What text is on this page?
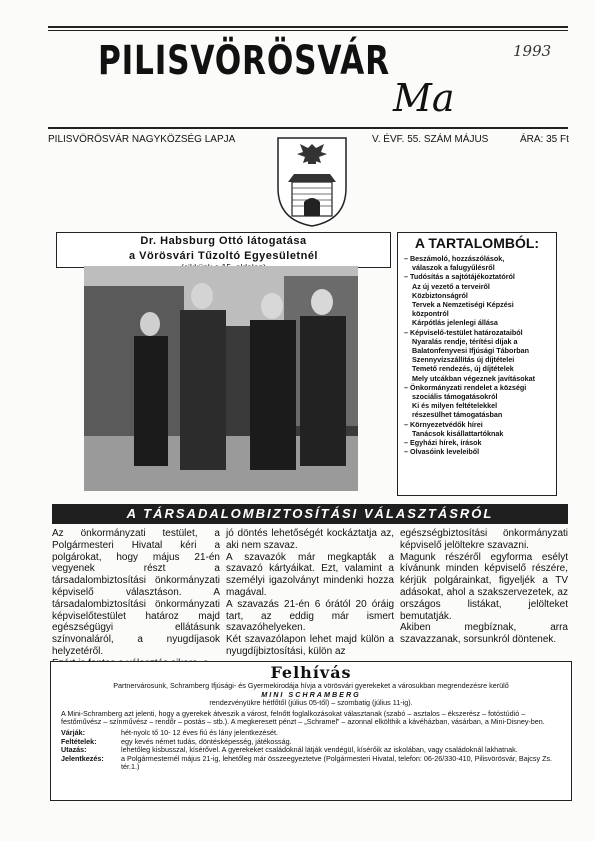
PILISVÖRÖSVÁR
Ma
1993
PILISVÖRÖSVÁR NAGYKÖZSÉG LAPJA	V. ÉVF. 55. SZÁM MÁJUS	ÁRA: 35 Ft
Dr. Habsburg Ottó látogatása
a Vörösvári Tűzoltó Egyesületnél
A TARTALOMBÓL:
– Beszámoló, hozzászólások,
válaszok a falugyűlésről
– Tudósítás a sajtótájékoztatóról
Az új vezető a terveiről
Közbiztonságról
Tervek a Nemzetiségi Képzési
központról
Kárpótlás jelenlegi állása
– Képviselő-testület határozataiból
Nyaralás rendje, térítési díjak a
Balatonfenyvesi Ifjúsági Táborban
Szennyvízszállítás új díjtételei
Temető rendezés, új díjtételek
Mely utcákban végeznek javításokat
– Önkormányzati rendelet a községi
szociális támogatásokról
Ki és milyen feltételekkel
részesülhet támogatásban
– Környezetvédők hírei
Tanácsok kisállattartóknak
– Egyházi hírek, írások
– Olvasóink leveleiből
A TÁRSADALOMBIZTOSÍTÁSI VÁLASZTÁSRÓL
Az önkormányzati testület, a Polgármesteri Hivatal kéri a polgárokat, hogy május 21-én vegyenek részt a társadalombiztosítási önkormányzati képviselő választáson. A társadalombiztosítási önkormányzati képviselőtestület határoz majd egészségügyi ellátásunk színvonaláról, a nyugdíjasok helyzetéről.

jó döntés lehetőségét kockáztatja az, aki nem szavaz.
A szavazók már megkapták a szavazó kártyáikat. Ezt, valamint a személyi igazolványt mindenki hozza magával.
A szavazás 21-én 6 órától 20 óráig tart, az eddig már ismert szavazóhelyeken.
Két szavazólapon lehet majd külön a nyugdíjbiztosítási, külön az
egészségbiztosítási önkormányzati képviselő jelöltekre szavazni.
Magunk részéről egyforma esélyt kívánunk minden képviselő részére, kérjük polgárainkat, figyeljék a TV adásokat, ahol a szakszervezetek, az országos listákat, jelölteket bemutatják.
Akiben megbíznak, arra szavazzanak, sorsunkról döntenek.
Felhívás
Partnervárosunk, Schramberg Ifjúsági- és Gyermekirodája hívja a vörösvári gyerekeket a városukban megrendezésre kerülő
MINI SCHRAMBERG
rendezvényükre hétfőtől (július 05-től) – szombatig (július 11-ig).
A Mini-Schramberg azt jelenti, hogy a gyerekek átveszik a várost, felnőtt foglalkozásokat választanak (szabó – asztalos – ékszerész – fotóstúdió – festőművész – színművész – rendőr – postás – stb.). A megkeresett pénzt – „Schramel” – azonnal elkölthik a kávéházban, vásárban, a Mini-Disney-ben.
Várják:	hét-nyolc tő 10- 12 éves fiú és lány jelentkezését.
Feltételek:	egy kevés német tudás, döntésképesség, játékosság.
Utazás:	lehetőleg kisbusszal, kísérővel. A gyerekeket családoknál látják vendégül, kísérőik az iskolában, vagy családoknál lakhatnak.
Jelentkezés:	a Polgármesternél május 21-ig, lehetőleg már összeegyeztetve (Polgármesteri Hivatal, telefon: 06-26/330-410, Pilisvörösvár, Bajcsy Zs. tér.1.)
